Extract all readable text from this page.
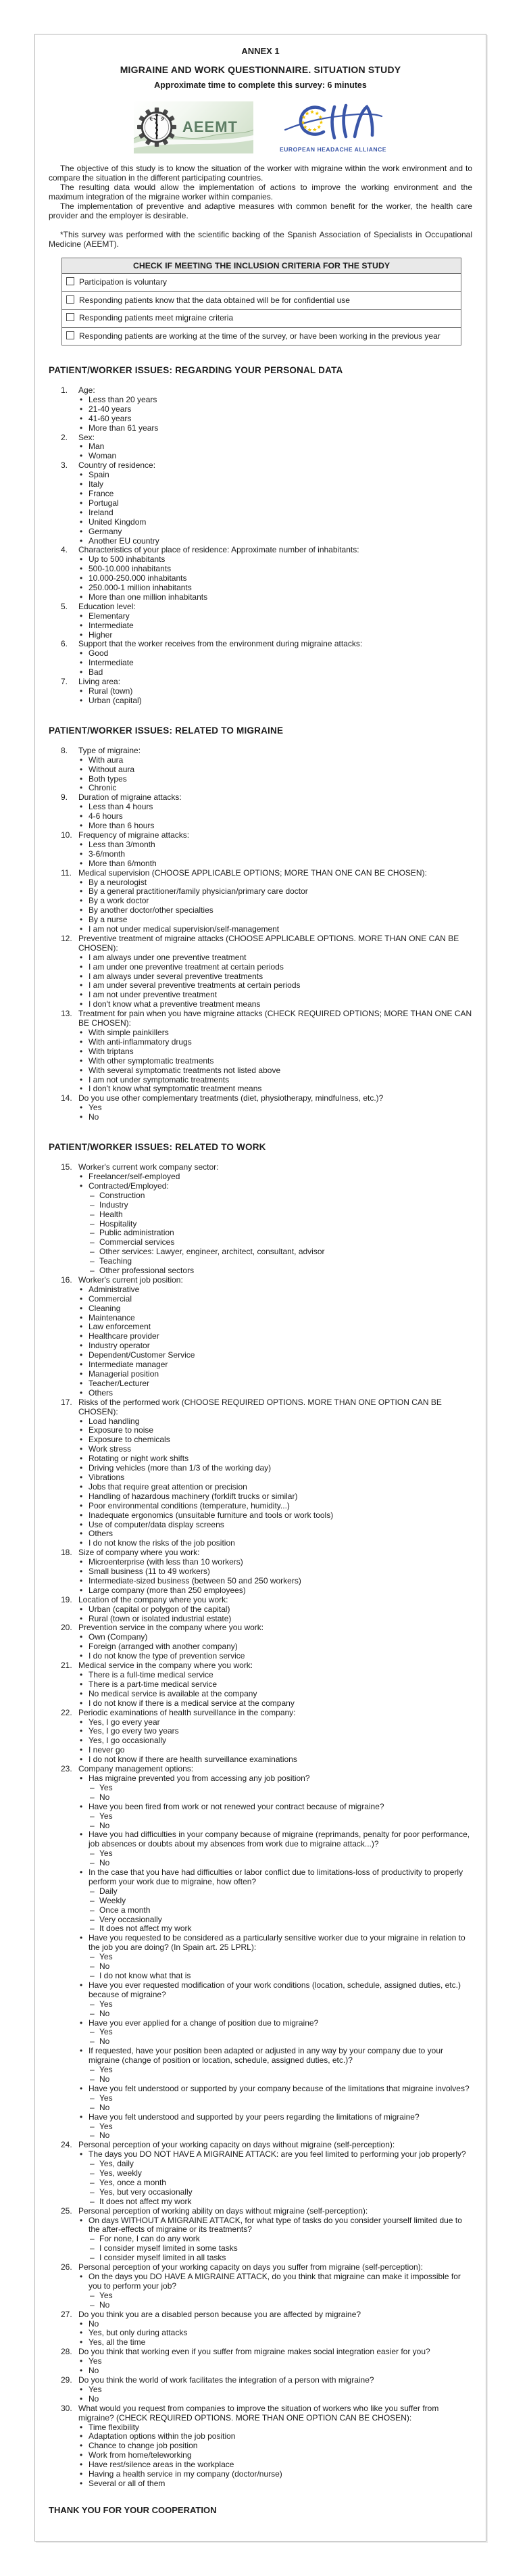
ANNEX 1
MIGRAINE AND WORK QUESTIONNAIRE. SITUATION STUDY
Approximate time to complete this survey: 6 minutes
AEEMT
EUROPEAN HEADACHE ALLIANCE

The objective of this study is to know the situation of the worker with migraine within the work environment and to compare the situation in the different participating countries.

The resulting data would allow the implementation of actions to improve the working environment and the maximum integration of the migraine worker within companies.

The implementation of preventive and adaptive measures with common benefit for the worker, the health care provider and the employer is desirable.

*This survey was performed with the scientific backing of the Spanish Association of Specialists in Occupational Medicine (AEEMT).

CHECK IF MEETING THE INCLUSION CRITERIA FOR THE STUDY
Participation is voluntary
Responding patients know that the data obtained will be for confidential use
Responding patients meet migraine criteria
Responding patients are working at the time of the survey, or have been working in the previous year
PATIENT/WORKER ISSUES: REGARDING YOUR PERSONAL DATA
1. Age:
• Less than 20 years
• 21-40 years
• 41-60 years
• More than 61 years
2. Sex:
• Man
• Woman
3. Country of residence:
• Spain
• Italy
• France
• Portugal
• Ireland
• United Kingdom
• Germany
• Another EU country
4. Characteristics of your place of residence: Approximate number of inhabitants:
• Up to 500 inhabitants
• 500-10.000 inhabitants
• 10.000-250.000 inhabitants
• 250.000-1 million inhabitants
• More than one million inhabitants
5. Education level:
• Elementary
• Intermediate
• Higher
6. Support that the worker receives from the environment during migraine attacks:
• Good
• Intermediate
• Bad
7. Living area:
• Rural (town)
• Urban (capital)
PATIENT/WORKER ISSUES: RELATED TO MIGRAINE
8. Type of migraine:
• With aura
• Without aura
• Both types
• Chronic
9. Duration of migraine attacks:
• Less than 4 hours
• 4-6 hours
• More than 6 hours
10. Frequency of migraine attacks:
• Less than 3/month
• 3-6/month
• More than 6/month
11. Medical supervision (CHOOSE APPLICABLE OPTIONS; MORE THAN ONE CAN BE CHOSEN):
• By a neurologist
• By a general practitioner/family physician/primary care doctor
• By a work doctor
• By another doctor/other specialties
• By a nurse
• I am not under medical supervision/self-management
12. Preventive treatment of migraine attacks (CHOOSE APPLICABLE OPTIONS. MORE THAN ONE CAN BE CHOSEN):
• I am always under one preventive treatment
• I am under one preventive treatment at certain periods
• I am always under several preventive treatments
• I am under several preventive treatments at certain periods
• I am not under preventive treatment
• I don't know what a preventive treatment means
13. Treatment for pain when you have migraine attacks (CHECK REQUIRED OPTIONS; MORE THAN ONE CAN BE CHOSEN):
• With simple painkillers
• With anti-inflammatory drugs
• With triptans
• With other symptomatic treatments
• With several symptomatic treatments not listed above
• I am not under symptomatic treatments
• I don't know what symptomatic treatment means
14. Do you use other complementary treatments (diet, physiotherapy, mindfulness, etc.)?
• Yes
• No
PATIENT/WORKER ISSUES: RELATED TO WORK
15. Worker's current work company sector:
• Freelancer/self-employed
• Contracted/Employed:
– Construction
– Industry
– Health
– Hospitality
– Public administration
– Commercial services
– Other services: Lawyer, engineer, architect, consultant, advisor
– Teaching
– Other professional sectors
16. Worker's current job position:
• Administrative
• Commercial
• Cleaning
• Maintenance
• Law enforcement
• Healthcare provider
• Industry operator
• Dependent/Customer Service
• Intermediate manager
• Managerial position
• Teacher/Lecturer
• Others
17. Risks of the performed work (CHOOSE REQUIRED OPTIONS. MORE THAN ONE OPTION CAN BE CHOSEN):
• Load handling
• Exposure to noise
• Exposure to chemicals
• Work stress
• Rotating or night work shifts
• Driving vehicles (more than 1/3 of the working day)
• Vibrations
• Jobs that require great attention or precision
• Handling of hazardous machinery (forklift trucks or similar)
• Poor environmental conditions (temperature, humidity...)
• Inadequate ergonomics (unsuitable furniture and tools or work tools)
• Use of computer/data display screens
• Others
• I do not know the risks of the job position
18. Size of company where you work:
• Microenterprise (with less than 10 workers)
• Small business (11 to 49 workers)
• Intermediate-sized business (between 50 and 250 workers)
• Large company (more than 250 employees)
19. Location of the company where you work:
• Urban (capital or polygon of the capital)
• Rural (town or isolated industrial estate)
20. Prevention service in the company where you work:
• Own (Company)
• Foreign (arranged with another company)
• I do not know the type of prevention service
21. Medical service in the company where you work:
• There is a full-time medical service
• There is a part-time medical service
• No medical service is available at the company
• I do not know if there is a medical service at the company
22. Periodic examinations of health surveillance in the company:
• Yes, I go every year
• Yes, I go every two years
• Yes, I go occasionally
• I never go
• I do not know if there are health surveillance examinations
23. Company management options:
• Has migraine prevented you from accessing any job position?
– Yes
– No
• Have you been fired from work or not renewed your contract because of migraine?
– Yes
– No
• Have you had difficulties in your company because of migraine (reprimands, penalty for poor performance, job absences or doubts about my absences from work due to migraine attack...)?
– Yes
– No
• In the case that you have had difficulties or labor conflict due to limitations-loss of productivity to properly perform your work due to migraine, how often?
– Daily
– Weekly
– Once a month
– Very occasionally
– It does not affect my work
• Have you requested to be considered as a particularly sensitive worker due to your migraine in relation to the job you are doing? (In Spain art. 25 LPRL):
– Yes
– No
– I do not know what that is
• Have you ever requested modification of your work conditions (location, schedule, assigned duties, etc.) because of migraine?
– Yes
– No
• Have you ever applied for a change of position due to migraine?
– Yes
– No
• If requested, have your position been adapted or adjusted in any way by your company due to your migraine (change of position or location, schedule, assigned duties, etc.)?
– Yes
– No
• Have you felt understood or supported by your company because of the limitations that migraine involves?
– Yes
– No
• Have you felt understood and supported by your peers regarding the limitations of migraine?
– Yes
– No
24. Personal perception of your working capacity on days without migraine (self-perception):
• The days you DO NOT HAVE A MIGRAINE ATTACK: are you feel limited to performing your job properly?
– Yes, daily
– Yes, weekly
– Yes, once a month
– Yes, but very occasionally
– It does not affect my work
25. Personal perception of working ability on days without migraine (self-perception):
• On days WITHOUT A MIGRAINE ATTACK, for what type of tasks do you consider yourself limited due to the after-effects of migraine or its treatments?
– For none, I can do any work
– I consider myself limited in some tasks
– I consider myself limited in all tasks
26. Personal perception of your working capacity on days you suffer from migraine (self-perception):
• On the days you DO HAVE A MIGRAINE ATTACK, do you think that migraine can make it impossible for you to perform your job?
– Yes
– No
27. Do you think you are a disabled person because you are affected by migraine?
• No
• Yes, but only during attacks
• Yes, all the time
28. Do you think that working even if you suffer from migraine makes social integration easier for you?
• Yes
• No
29. Do you think the world of work facilitates the integration of a person with migraine?
• Yes
• No
30. What would you request from companies to improve the situation of workers who like you suffer from migraine? (CHECK REQUIRED OPTIONS. MORE THAN ONE OPTION CAN BE CHOSEN):
• Time flexibility
• Adaptation options within the job position
• Chance to change job position
• Work from home/teleworking
• Have rest/silence areas in the workplace
• Having a health service in my company (doctor/nurse)
• Several or all of them
THANK YOU FOR YOUR COOPERATION
